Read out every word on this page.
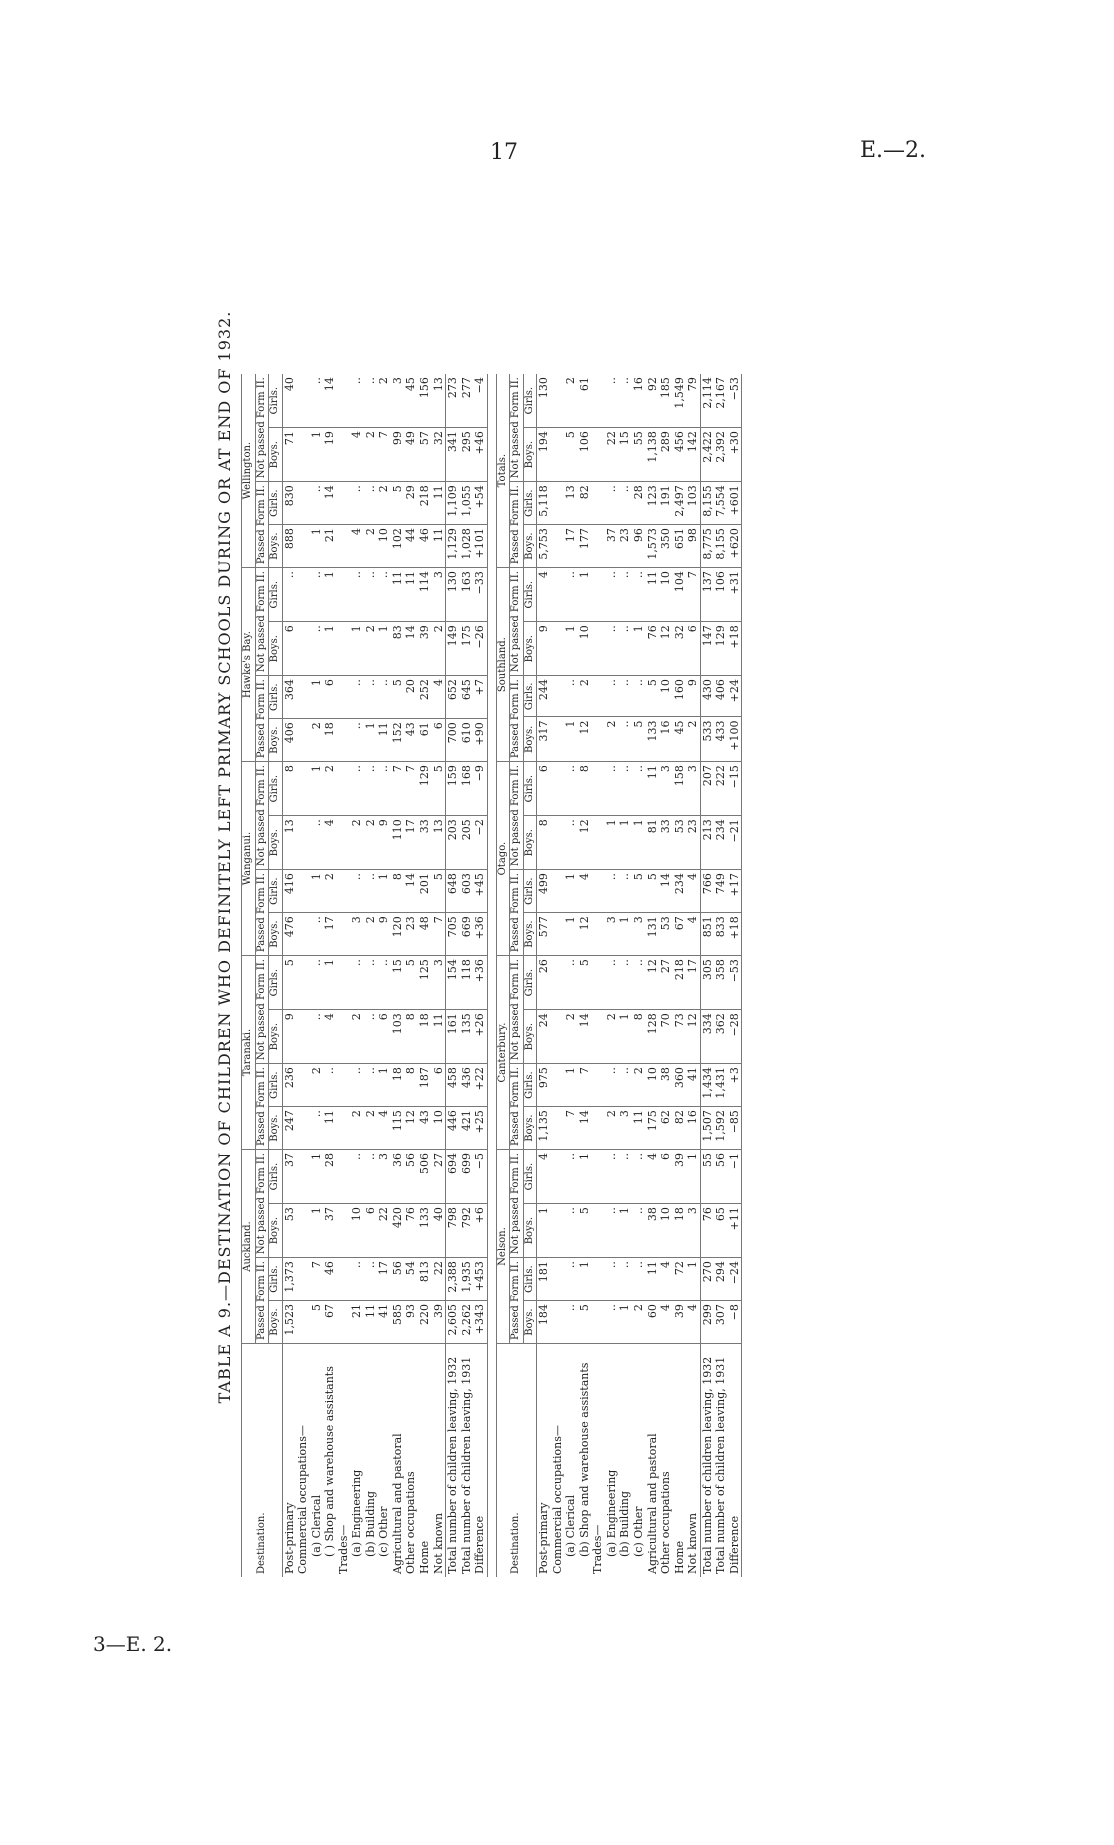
17	E.—2.
3—E. 2.
TABLE A 9.—DESTINATION OF CHILDREN WHO DEFINITELY LEFT PRIMARY SCHOOLS DURING OR AT END OF 1932.
Destination.	Auckland.				Taranaki.				Wanganui.				Hawke's Bay.				Wellington.			
	Passed Form II.		Not passed Form II.		Passed Form II.		Not passed Form II.		Passed Form II.		Not passed Form II.		Passed Form II.		Not passed Form II.		Passed Form II.		Not passed Form II.	
	Boys.	Girls.	Boys.	Girls.	Boys.	Girls.	Boys.	Girls.	Boys.	Girls.	Boys.	Girls.	Boys.	Girls.	Boys.	Girls.	Boys.	Girls.	Boys.	Girls.
Post-primary	1,523	1,373	53	37	247	236	9	5	476	416	13	8	406	364	6	..	888	830	71	40
Commercial occupations—																				
(a) Clerical	5	7	1	1	..	2	..	..	..	1	..	1	2	1	..	..	1	..	1	..
( ) Shop and warehouse assistants	67	46	37	28	11	..	4	1	17	2	4	2	18	6	1	1	21	14	19	14
Trades—																				
(a) Engineering	21	..	10	..	2	..	2	..	3	..	2	..	..	..	1	..	4	..	4	..
(b) Building	11	..	6	..	2	..	..	..	2	..	2	..	1	..	2	..	2	..	2	..
(c) Other	41	17	22	3	4	1	6	..	9	1	9	..	11	..	1	..	10	2	7	2
Agricultural and pastoral	585	56	420	36	115	18	103	15	120	8	110	7	152	5	83	11	102	5	99	3
Other occupations	93	54	76	56	12	8	8	5	23	14	17	7	43	20	14	11	44	29	49	45
Home	220	813	133	506	43	187	18	125	48	201	33	129	61	252	39	114	46	218	57	156
Not known	39	22	40	27	10	6	11	3	7	5	13	5	6	4	2	3	11	11	32	13
Total number of children leaving, 1932	2,605	2,388	798	694	446	458	161	154	705	648	203	159	700	652	149	130	1,129	1,109	341	273
Total number of children leaving, 1931	2,262	1,935	792	699	421	436	135	118	669	603	205	168	610	645	175	163	1,028	1,055	295	277
Difference	+343	+453	+6	−5	+25	+22	+26	+36	+36	+45	−2	−9	+90	+7	−26	−33	+101	+54	+46	−4
Destination.	Nelson.				Canterbury.				Otago.				Southland.				Totals.			
	Passed Form II.		Not passed Form II.		Passed Form II.		Not passed Form II.		Passed Form II.		Not passed Form II.		Passed Form II.		Not passed Form II.		Passed Form II.		Not passed Form II.	
	Boys.	Girls.	Boys.	Girls.	Boys.	Girls.	Boys.	Girls.	Boys.	Girls.	Boys.	Girls.	Boys.	Girls.	Boys.	Girls.	Boys.	Girls.	Boys.	Girls.
Post-primary	184	181	1	4	1,135	975	24	26	577	499	8	6	317	244	9	4	5,753	5,118	194	130
Commercial occupations—																				
(a) Clerical	..	..	..	..	7	1	2	..	1	1	..	..	1	..	1	..	17	13	5	2
(b) Shop and warehouse assistants	5	1	5	1	14	7	14	5	12	4	12	8	12	2	10	1	177	82	106	61
Trades—																				
(a) Engineering	..	..	..	..	2	..	2	..	3	..	1	..	2	..	..	..	37	..	22	..
(b) Building	1	..	1	..	3	..	1	..	1	..	1	..	..	..	..	..	23	..	15	..
(c) Other	2	..	..	..	11	2	8	..	3	5	1	..	5	..	1	..	96	28	55	16
Agricultural and pastoral	60	11	38	4	175	10	128	12	131	5	81	11	133	5	76	11	1,573	123	1,138	92
Other occupations	4	4	10	6	62	38	70	27	53	14	33	3	16	10	12	10	350	191	289	185
Home	39	72	18	39	82	360	73	218	67	234	53	158	45	160	32	104	651	2,497	456	1,549
Not known	4	1	3	1	16	41	12	17	4	4	23	3	2	9	6	7	98	103	142	79
Total number of children leaving, 1932	299	270	76	55	1,507	1,434	334	305	851	766	213	207	533	430	147	137	8,775	8,155	2,422	2,114
Total number of children leaving, 1931	307	294	65	56	1,592	1,431	362	358	833	749	234	222	433	406	129	106	8,155	7,554	2,392	2,167
Difference	−8	−24	+11	−1	−85	+3	−28	−53	+18	+17	−21	−15	+100	+24	+18	+31	+620	+601	+30	−53
